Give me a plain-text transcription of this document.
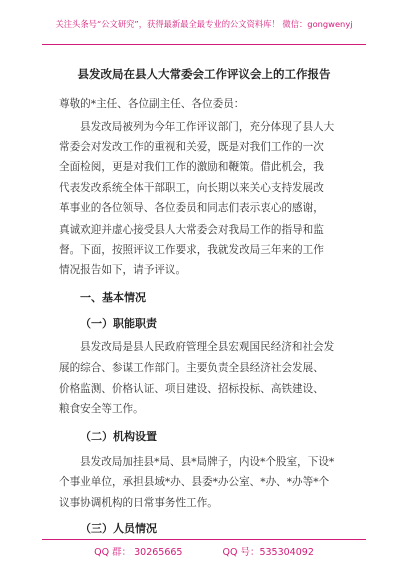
关注头条号“公文研究”，获得最新最全最专业的公文资料库！ 微信：gongwenyj
县发改局在县人大常委会工作评议会上的工作报告
尊敬的*主任、各位副主任、各位委员：
县发改局被列为今年工作评议部门，充分体现了县人大
常委会对发改工作的重视和关爱，既是对我们工作的一次
全面检阅，更是对我们工作的激励和鞭策。借此机会，我
代表发改系统全体干部职工，向长期以来关心支持发展改
革事业的各位领导、各位委员和同志们表示衷心的感谢，
真诚欢迎并虚心接受县人大常委会对我局工作的指导和监
督。下面，按照评议工作要求，我就发改局三年来的工作
情况报告如下，请予评议。
一、基本情况
（一）职能职责
县发改局是县人民政府管理全县宏观国民经济和社会发
展的综合、参谋工作部门。主要负责全县经济社会发展、
价格监测、价格认证、项目建设、招标投标、高铁建设、
粮食安全等工作。
（二）机构设置
县发改局加挂县*局、县*局牌子，内设*个股室，下设*
个事业单位，承担县域*办、县委*办公室、*办、*办等*个
议事协调机构的日常事务性工作。
（三）人员情况
QQ 群： 30265665	QQ 号：535304092
